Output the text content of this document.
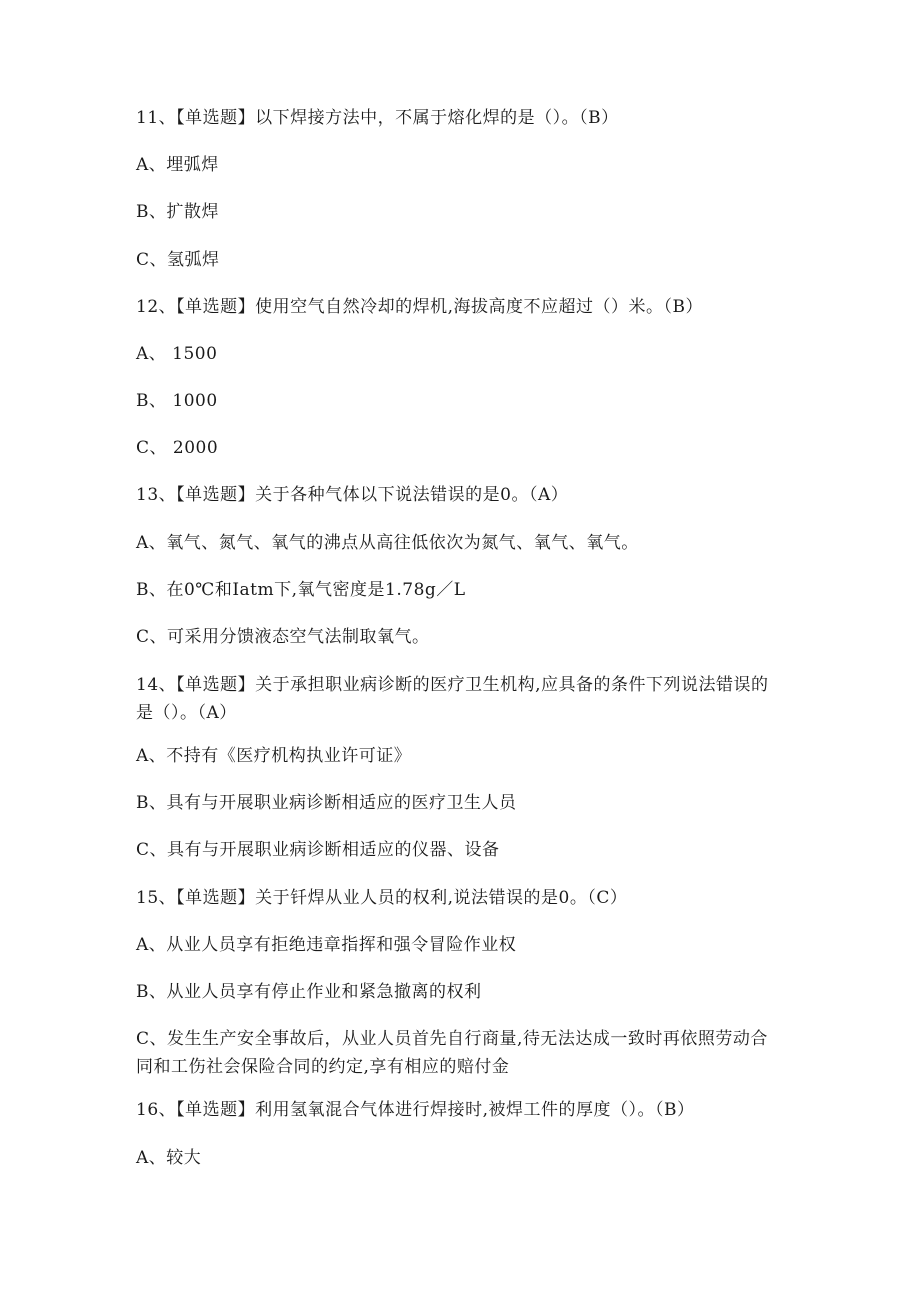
11、【单选题】以下焊接方法中，不属于熔化焊的是（）。（B）
A、埋弧焊
B、扩散焊
C、氢弧焊
12、【单选题】使用空气自然冷却的焊机,海拔高度不应超过（）米。（B）
A、 1500
B、 1000
C、 2000
13、【单选题】关于各种气体以下说法错误的是0。（A）
A、氧气、氮气、氧气的沸点从高往低依次为氮气、氧气、氧气。
B、在0℃和Iatm下,氧气密度是1.78g／L
C、可采用分馈液态空气法制取氧气。
14、【单选题】关于承担职业病诊断的医疗卫生机构,应具备的条件下列说法错误的是（）。（A）
A、不持有《医疗机构执业许可证》
B、具有与开展职业病诊断相适应的医疗卫生人员
C、具有与开展职业病诊断相适应的仪器、设备
15、【单选题】关于钎焊从业人员的权利,说法错误的是0。（C）
A、从业人员享有拒绝违章指挥和强令冒险作业权
B、从业人员享有停止作业和紧急撤离的权利
C、发生生产安全事故后，从业人员首先自行商量,待无法达成一致时再依照劳动合同和工伤社会保险合同的约定,享有相应的赔付金
16、【单选题】利用氢氧混合气体进行焊接时,被焊工件的厚度（）。（B）
A、较大
